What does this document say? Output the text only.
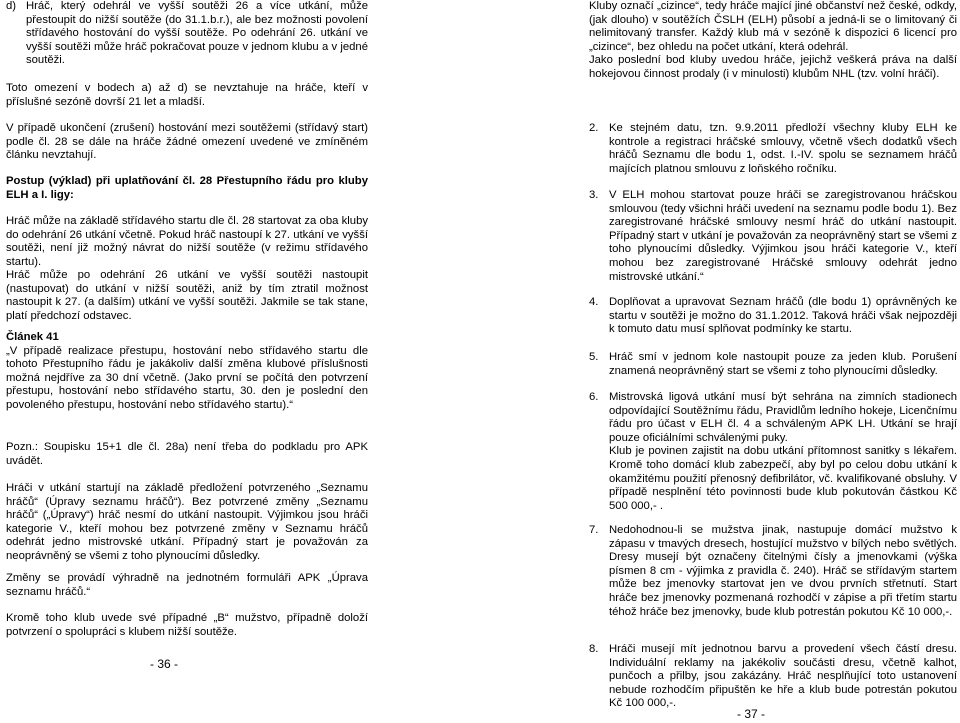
d) Hráč, který odehrál ve vyšší soutěži 26 a více utkání, může přestoupit do nižší soutěže (do 31.1.b.r.), ale bez možnosti povolení střídavého hostování do vyšší soutěže. Po odehrání 26. utkání ve vyšší soutěži může hráč pokračovat pouze v jednom klubu a v jedné soutěži.

Toto omezení v bodech a) až d) se nevztahuje na hráče, kteří v příslušné sezóně dovrší 21 let a mladší.

V případě ukončení (zrušení) hostování mezi soutěžemi (střídavý start) podle čl. 28 se dále na hráče žádné omezení uvedené ve zmíněném článku nevztahují.

Postup (výklad) při uplatňování čl. 28 Přestupního řádu pro kluby ELH a I. ligy:

Hráč může na základě střídavého startu dle čl. 28 startovat za oba kluby do odehrání 26 utkání včetně. Pokud hráč nastoupí k 27. utkání ve vyšší soutěži, není již možný návrat do nižší soutěže (v režimu střídavého startu).

Hráč může po odehrání 26 utkání ve vyšší soutěži nastoupit (nastupovat) do utkání v nižší soutěži, aniž by tím ztratil možnost nastoupit k 27. (a dalším) utkání ve vyšší soutěži. Jakmile se tak stane, platí předchozí odstavec.

Článek 41

„V případě realizace přestupu, hostování nebo střídavého startu dle tohoto Přestupního řádu je jakákoliv další změna klubové příslušnosti možná nejdříve za 30 dní včetně. (Jako první se počítá den potvrzení přestupu, hostování nebo střídavého startu, 30. den je poslední den povoleného přestupu, hostování nebo střídavého startu).“

Pozn.: Soupisku 15+1 dle čl. 28a) není třeba do podkladu pro APK uvádět.

Hráči v utkání startují na základě předložení potvrzeného „Seznamu hráčů“ (Úpravy seznamu hráčů“). Bez potvrzené změny „Seznamu hráčů“ („Úpravy“) hráč nesmí do utkání nastoupit. Výjimkou jsou hráči kategorie V., kteří mohou bez potvrzené změny v Seznamu hráčů odehrát jedno mistrovské utkání. Případný start je považován za neoprávněný se všemi z toho plynoucími důsledky.

Změny se provádí výhradně na jednotném formuláři APK „Úprava seznamu hráčů.“

Kromě toho klub uvede své případné „B“ mužstvo, případně doloží potvrzení o spolupráci s klubem nižší soutěže.

- 36 -

Kluby označí „cizince“, tedy hráče mající jiné občanství než české, odkdy, (jak dlouho) v soutěžích ČSLH (ELH) působí a jedná-li se o limitovaný či nelimitovaný transfer. Každý klub má v sezóně k dispozici 6 licencí pro „cizince“, bez ohledu na počet utkání, která odehrál.

Jako poslední bod kluby uvedou hráče, jejichž veškerá práva na další hokejovou činnost prodaly (i v minulosti) klubům NHL (tzv. volní hráči).

2. Ke stejném datu, tzn. 9.9.2011 předloží všechny kluby ELH ke kontrole a registraci hráčské smlouvy, včetně všech dodatků všech hráčů Seznamu dle bodu 1, odst. I.-IV. spolu se seznamem hráčů majících platnou smlouvu z loňského ročníku.

3. V ELH mohou startovat pouze hráči se zaregistrovanou hráčskou smlouvou (tedy všichni hráči uvedení na seznamu podle bodu 1). Bez zaregistrované hráčské smlouvy nesmí hráč do utkání nastoupit. Případný start v utkání je považován za neoprávněný start se všemi z toho plynoucími důsledky. Výjimkou jsou hráči kategorie V., kteří mohou bez zaregistrované Hráčské smlouvy odehrát jedno mistrovské utkání.“

4. Doplňovat a upravovat Seznam hráčů (dle bodu 1) oprávněných ke startu v soutěži je možno do 31.1.2012. Taková hráči však nejpozději k tomuto datu musí splňovat podmínky ke startu.

5. Hráč smí v jednom kole nastoupit pouze za jeden klub. Porušení znamená neoprávněný start se všemi z toho plynoucími důsledky.

6. Mistrovská ligová utkání musí být sehrána na zimních stadionech odpovídající Soutěžnímu řádu, Pravidlům ledního hokeje, Licenčnímu řádu pro účast v ELH čl. 4 a schváleným APK LH. Utkání se hrají pouze oficiálními schválenými puky.

Klub je povinen zajistit na dobu utkání přítomnost sanitky s lékařem. Kromě toho domácí klub zabezpečí, aby byl po celou dobu utkání k okamžitému použití přenosný defibrilátor, vč. kvalifikované obsluhy. V případě nesplnění této povinnosti bude klub pokutován částkou Kč 500 000,- .

7. Nedohodnou-li se mužstva jinak, nastupuje domácí mužstvo k zápasu v tmavých dresech, hostující mužstvo v bílých nebo světlých. Dresy musejí být označeny čitelnými čísly a jmenovkami (výška písmen 8 cm - výjimka z pravidla č. 240). Hráč se střídavým startem může bez jmenovky startovat jen ve dvou prvních střetnutí. Start hráče bez jmenovky pozmenaná rozhodčí v zápise a při třetím startu téhož hráče bez jmenovky, bude klub potrestán pokutou Kč 10 000,-.

8. Hráči musejí mít jednotnou barvu a provedení všech částí dresu. Individuální reklamy na jakékoliv součásti dresu, včetně kalhot, punčoch a přilby, jsou zakázány. Hráč nesplňující toto ustanovení nebude rozhodčím připuštěn ke hře a klub bude potrestán pokutou Kč 100 000,-.

- 37 -
